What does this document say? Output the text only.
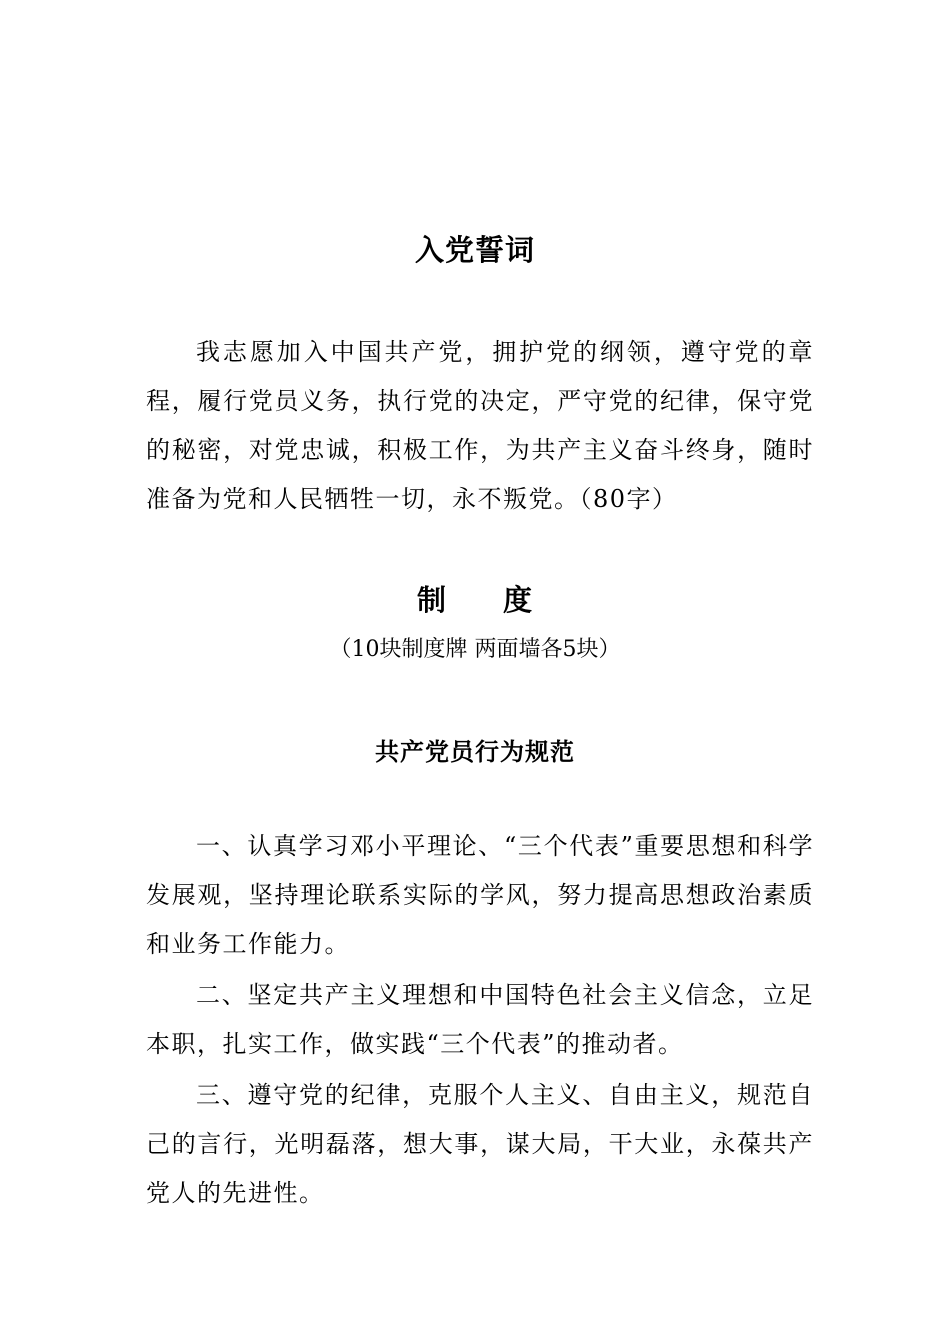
入党誓词

我志愿加入中国共产党，拥护党的纲领，遵守党的章程，履行党员义务，执行党的决定，严守党的纪律，保守党的秘密，对党忠诚，积极工作，为共产主义奋斗终身，随时准备为党和人民牺牲一切，永不叛党。（80字）

制 度

（10块制度牌 两面墙各5块）

共产党员行为规范

一、认真学习邓小平理论、“三个代表”重要思想和科学发展观，坚持理论联系实际的学风，努力提高思想政治素质和业务工作能力。

二、坚定共产主义理想和中国特色社会主义信念，立足本职，扎实工作，做实践“三个代表”的推动者。

三、遵守党的纪律，克服个人主义、自由主义，规范自己的言行，光明磊落，想大事，谋大局，干大业，永葆共产党人的先进性。
